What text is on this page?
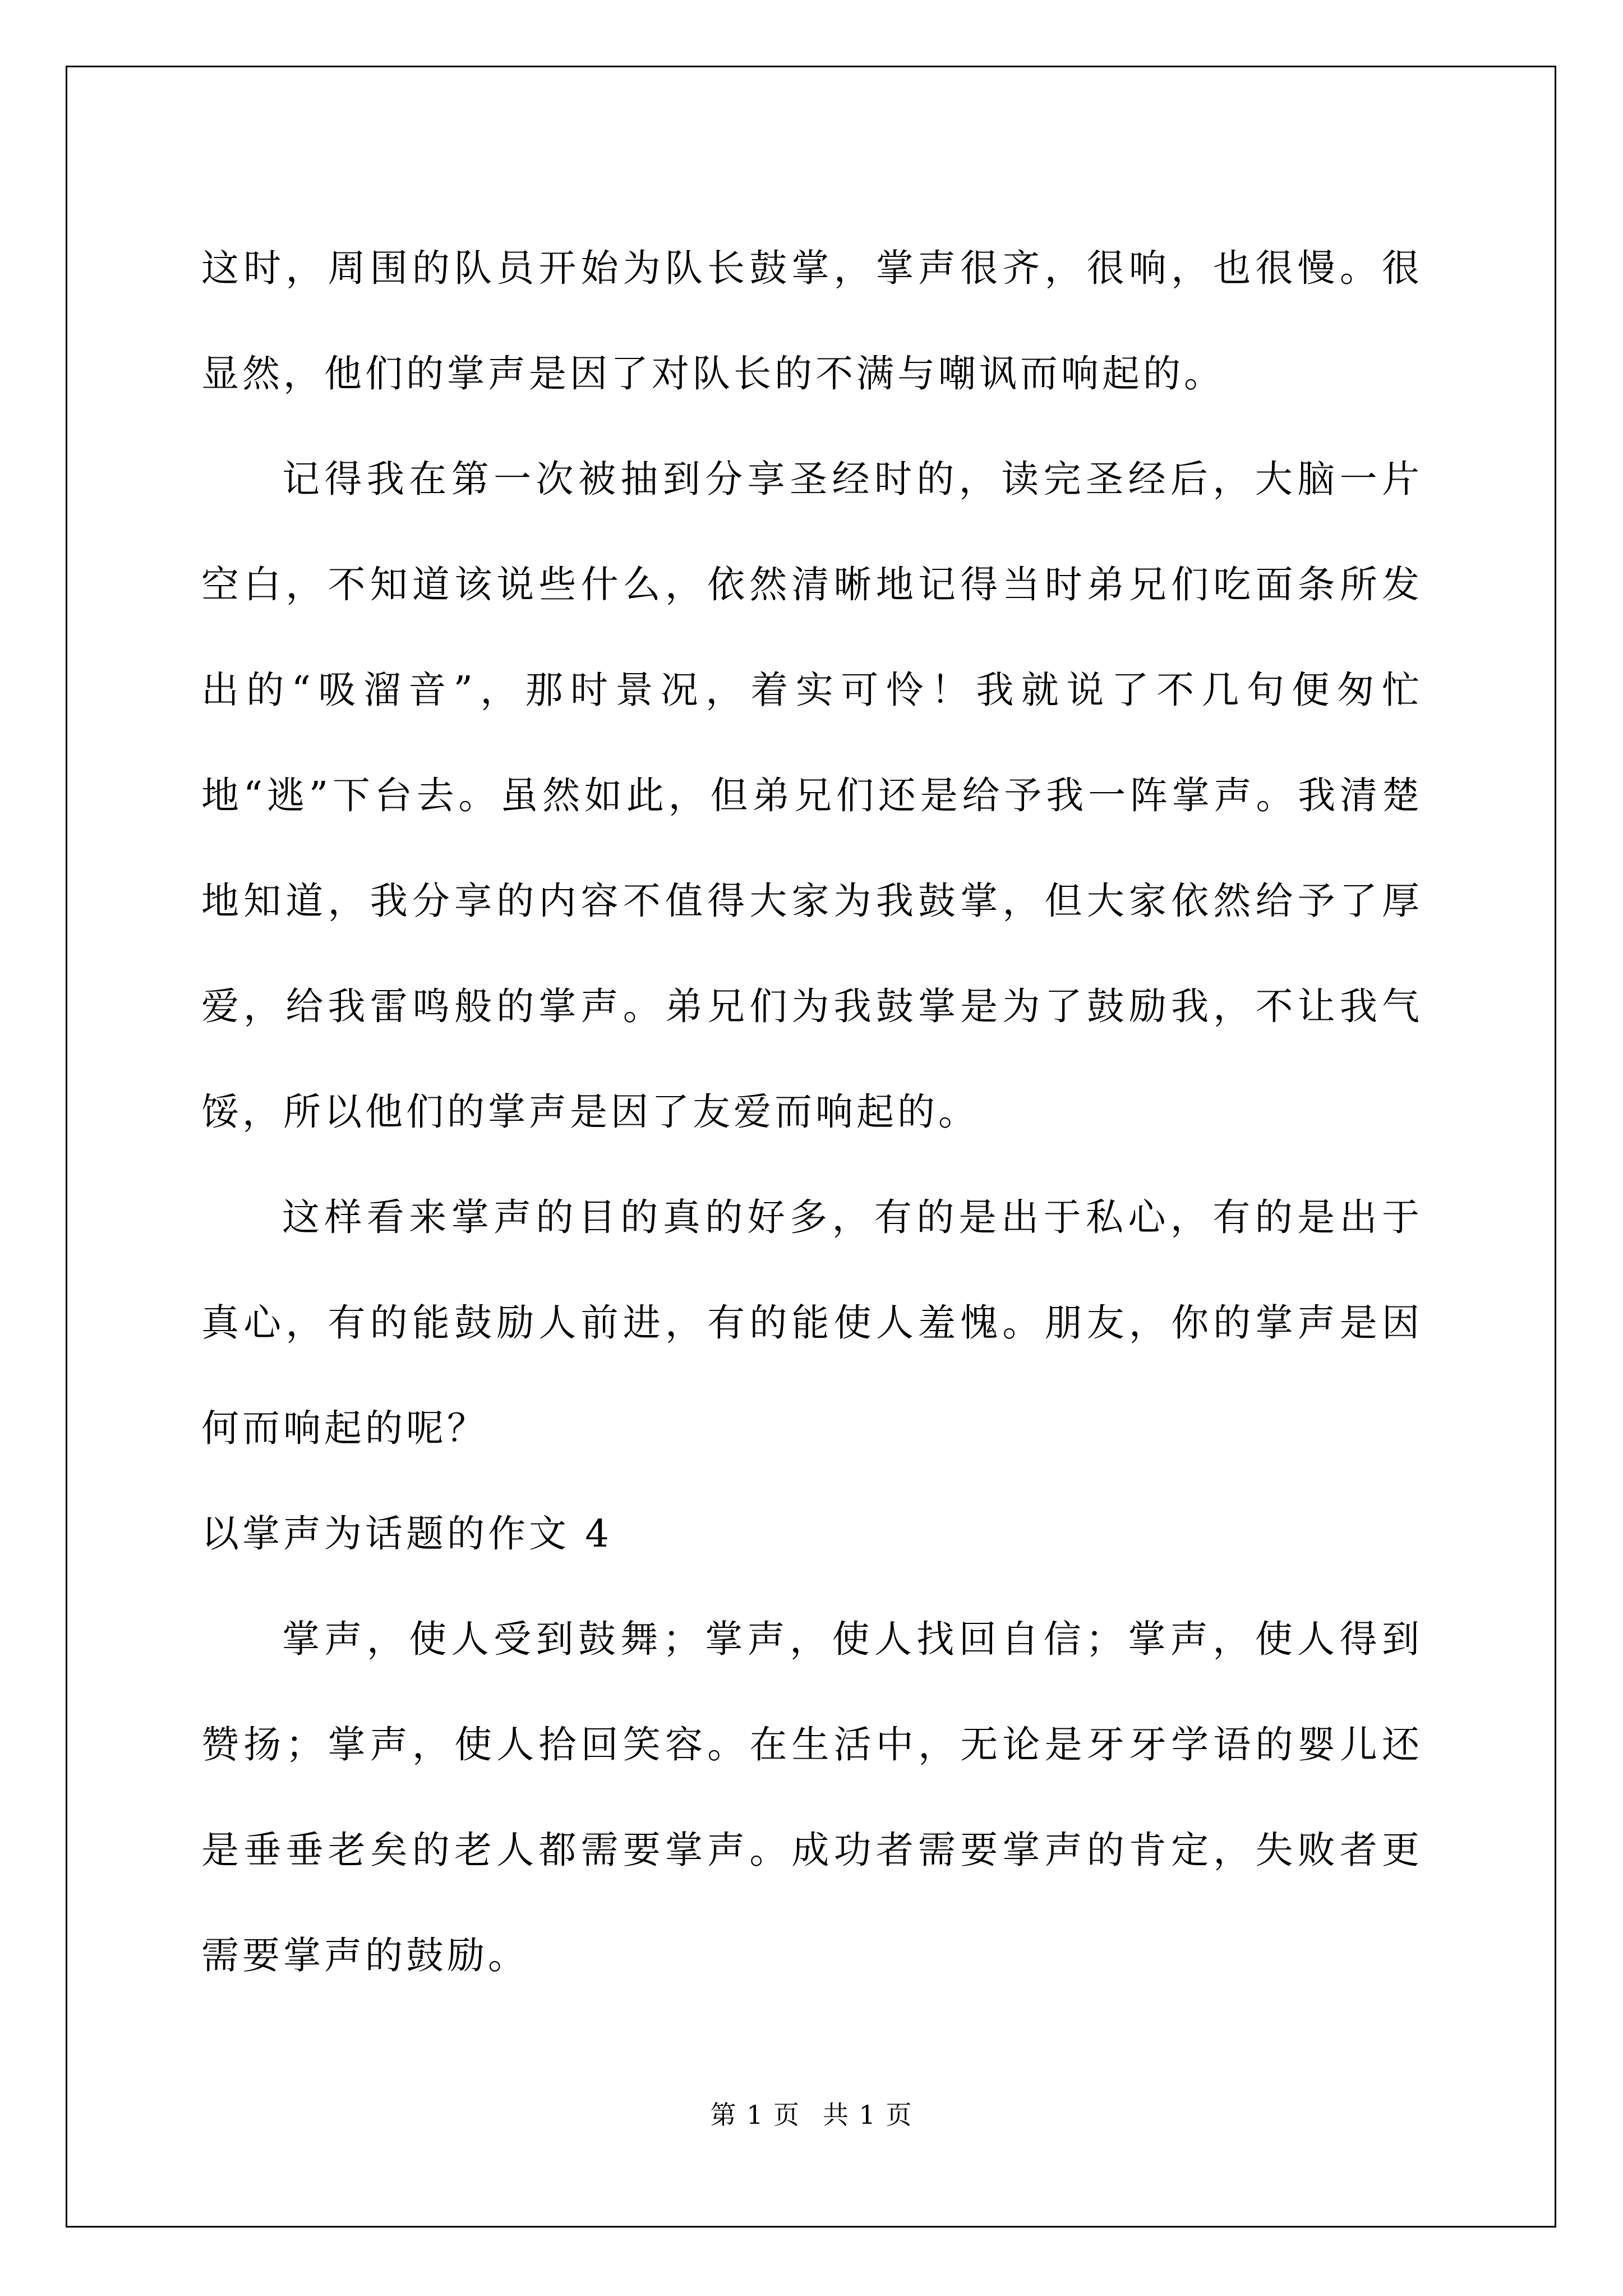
这时，周围的队员开始为队长鼓掌，掌声很齐，很响，也很慢。很显然，他们的掌声是因了对队长的不满与嘲讽而响起的。

记得我在第一次被抽到分享圣经时的，读完圣经后，大脑一片空白，不知道该说些什么，依然清晰地记得当时弟兄们吃面条所发出的“吸溜音”，那时景况，着实可怜！我就说了不几句便匆忙地“逃”下台去。虽然如此，但弟兄们还是给予我一阵掌声。我清楚地知道，我分享的内容不值得大家为我鼓掌，但大家依然给予了厚爱，给我雷鸣般的掌声。弟兄们为我鼓掌是为了鼓励我，不让我气馁，所以他们的掌声是因了友爱而响起的。

这样看来掌声的目的真的好多，有的是出于私心，有的是出于真心，有的能鼓励人前进，有的能使人羞愧。朋友，你的掌声是因何而响起的呢？

以掌声为话题的作文 4

掌声，使人受到鼓舞；掌声，使人找回自信；掌声，使人得到赞扬；掌声，使人拾回笑容。在生活中，无论是牙牙学语的婴儿还是垂垂老矣的老人都需要掌声。成功者需要掌声的肯定，失败者更需要掌声的鼓励。

第 1 页 共 1 页
